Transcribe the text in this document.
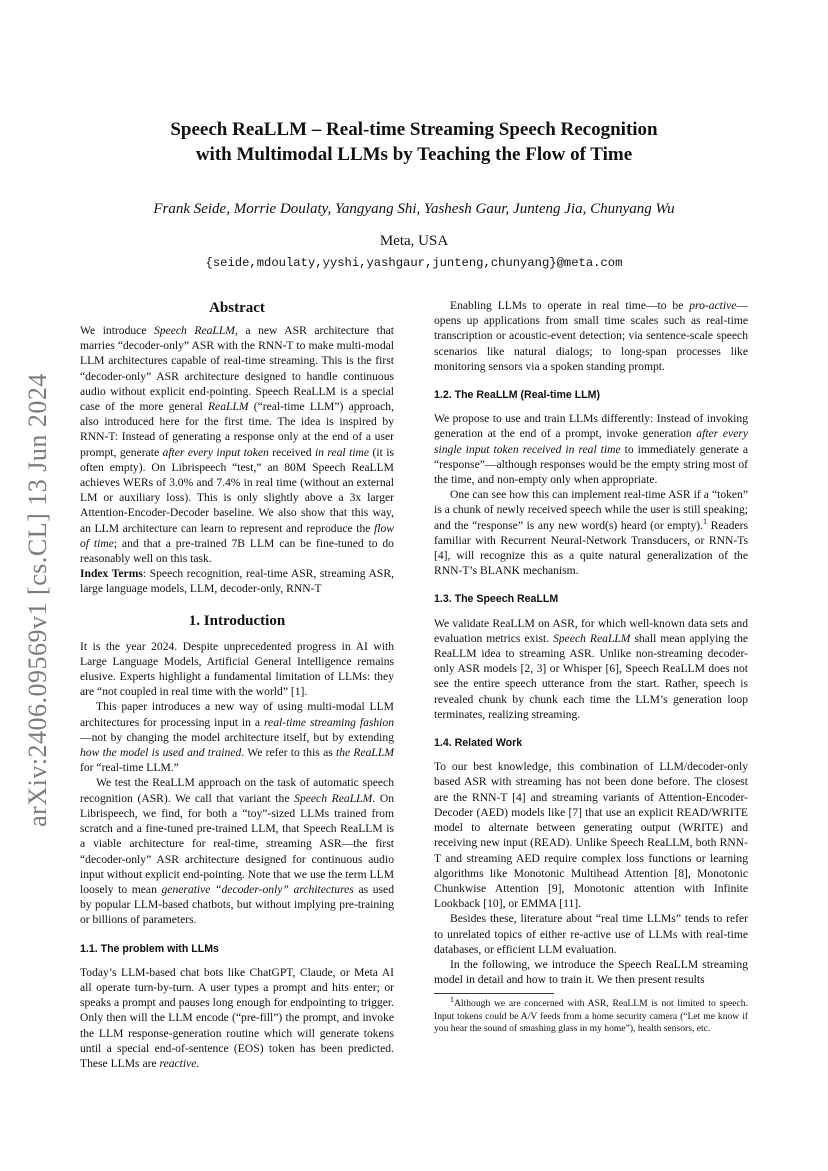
arXiv:2406.09569v1 [cs.CL] 13 Jun 2024
Speech ReaLLM – Real-time Streaming Speech Recognition
with Multimodal LLMs by Teaching the Flow of Time
Frank Seide, Morrie Doulaty, Yangyang Shi, Yashesh Gaur, Junteng Jia, Chunyang Wu
Meta, USA
{seide,mdoulaty,yyshi,yashgaur,junteng,chunyang}@meta.com
Abstract

We introduce Speech ReaLLM, a new ASR architecture that marries “decoder-only” ASR with the RNN-T to make multi-modal LLM architectures capable of real-time streaming. This is the first “decoder-only” ASR architecture designed to handle continuous audio without explicit end-pointing. Speech ReaLLM is a special case of the more general ReaLLM (“real-time LLM”) approach, also introduced here for the first time. The idea is inspired by RNN-T: Instead of generating a response only at the end of a user prompt, generate after every input token received in real time (it is often empty). On Librispeech “test,” an 80M Speech ReaLLM achieves WERs of 3.0% and 7.4% in real time (without an external LM or auxiliary loss). This is only slightly above a 3x larger Attention-Encoder-Decoder baseline. We also show that this way, an LLM architecture can learn to represent and reproduce the flow of time; and that a pre-trained 7B LLM can be fine-tuned to do reasonably well on this task.

Index Terms: Speech recognition, real-time ASR, streaming ASR, large language models, LLM, decoder-only, RNN-T

1. Introduction

It is the year 2024. Despite unprecedented progress in AI with Large Language Models, Artificial General Intelligence remains elusive. Experts highlight a fundamental limitation of LLMs: they are “not coupled in real time with the world” [1].

This paper introduces a new way of using multi-modal LLM architectures for processing input in a real-time streaming fashion—not by changing the model architecture itself, but by extending how the model is used and trained. We refer to this as the ReaLLM for “real-time LLM.”

We test the ReaLLM approach on the task of automatic speech recognition (ASR). We call that variant the Speech ReaLLM. On Librispeech, we find, for both a “toy”-sized LLMs trained from scratch and a fine-tuned pre-trained LLM, that Speech ReaLLM is a viable architecture for real-time, streaming ASR—the first “decoder-only” ASR architecture designed for continuous audio input without explicit end-pointing. Note that we use the term LLM loosely to mean generative “decoder-only” architectures as used by popular LLM-based chatbots, but without implying pre-training or billions of parameters.

1.1. The problem with LLMs

Today’s LLM-based chat bots like ChatGPT, Claude, or Meta AI all operate turn-by-turn. A user types a prompt and hits enter; or speaks a prompt and pauses long enough for endpointing to trigger. Only then will the LLM encode (“pre-fill”) the prompt, and invoke the LLM response-generation routine which will generate tokens until a special end-of-sentence (EOS) token has been predicted. These LLMs are reactive.

Enabling LLMs to operate in real time—to be pro-active—opens up applications from small time scales such as real-time transcription or acoustic-event detection; via sentence-scale speech scenarios like natural dialogs; to long-span processes like monitoring sensors via a spoken standing prompt.

1.2. The ReaLLM (Real-time LLM)

We propose to use and train LLMs differently: Instead of invoking generation at the end of a prompt, invoke generation after every single input token received in real time to immediately generate a “response”—although responses would be the empty string most of the time, and non-empty only when appropriate.

One can see how this can implement real-time ASR if a “token” is a chunk of newly received speech while the user is still speaking; and the “response” is any new word(s) heard (or empty).$^1$ Readers familiar with Recurrent Neural-Network Transducers, or RNN-Ts [4], will recognize this as a quite natural generalization of the RNN-T’s BLANK mechanism.

1.3. The Speech ReaLLM

We validate ReaLLM on ASR, for which well-known data sets and evaluation metrics exist. Speech ReaLLM shall mean applying the ReaLLM idea to streaming ASR. Unlike non-streaming decoder-only ASR models [2, 3] or Whisper [6], Speech ReaLLM does not see the entire speech utterance from the start. Rather, speech is revealed chunk by chunk each time the LLM’s generation loop terminates, realizing streaming.

1.4. Related Work

To our best knowledge, this combination of LLM/decoder-only based ASR with streaming has not been done before. The closest are the RNN-T [4] and streaming variants of Attention-Encoder-Decoder (AED) models like [7] that use an explicit READ/WRITE model to alternate between generating output (WRITE) and receiving new input (READ). Unlike Speech ReaLLM, both RNN-T and streaming AED require complex loss functions or learning algorithms like Monotonic Multihead Attention [8], Monotonic Chunkwise Attention [9], Monotonic attention with Infinite Lookback [10], or EMMA [11].

Besides these, literature about “real time LLMs” tends to refer to unrelated topics of either re-active use of LLMs with real-time databases, or efficient LLM evaluation.

In the following, we introduce the Speech ReaLLM streaming model in detail and how to train it. We then present results

$^1$Although we are concerned with ASR, ReaLLM is not limited to speech. Input tokens could be A/V feeds from a home security camera (“Let me know if you hear the sound of smashing glass in my home”), health sensors, etc.
